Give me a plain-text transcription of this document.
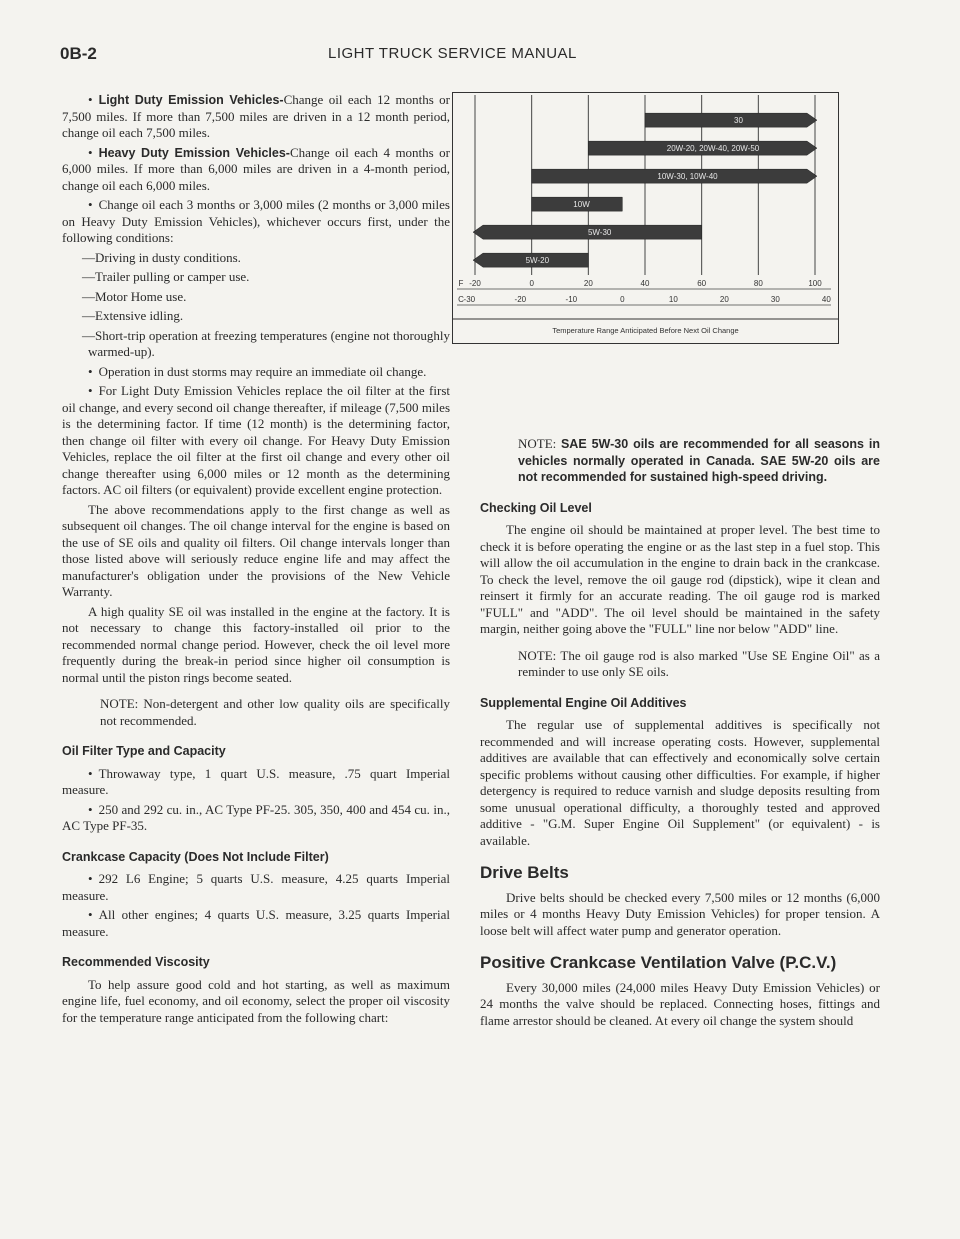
0B-2	LIGHT TRUCK SERVICE MANUAL

• Light Duty Emission Vehicles-Change oil each 12 months or 7,500 miles. If more than 7,500 miles are driven in a 12 month period, change oil each 7,500 miles.

• Heavy Duty Emission Vehicles-Change oil each 4 months or 6,000 miles. If more than 6,000 miles are driven in a 4-month period, change oil each 6,000 miles.

• Change oil each 3 months or 3,000 miles (2 months or 3,000 miles on Heavy Duty Emission Vehicles), whichever occurs first, under the following conditions:

—Driving in dusty conditions.

—Trailer pulling or camper use.

—Motor Home use.

—Extensive idling.

—Short-trip operation at freezing temperatures (engine not thoroughly warmed-up).

• Operation in dust storms may require an immediate oil change.

• For Light Duty Emission Vehicles replace the oil filter at the first oil change, and every second oil change thereafter, if mileage (7,500 miles is the determining factor. If time (12 month) is the determining factor, then change oil filter with every oil change. For Heavy Duty Emission Vehicles, replace the oil filter at the first oil change and every other oil change thereafter using 6,000 miles or 12 month as the determining factors. AC oil filters (or equivalent) provide excellent engine protection.

The above recommendations apply to the first change as well as subsequent oil changes. The oil change interval for the engine is based on the use of SE oils and quality oil filters. Oil change intervals longer than those listed above will seriously reduce engine life and may affect the manufacturer's obligation under the provisions of the New Vehicle Warranty.

A high quality SE oil was installed in the engine at the factory. It is not necessary to change this factory-installed oil prior to the recommended normal change period. However, check the oil level more frequently during the break-in period since higher oil consumption is normal until the piston rings become seated.

NOTE: Non-detergent and other low quality oils are specifically not recommended.

Oil Filter Type and Capacity

• Throwaway type, 1 quart U.S. measure, .75 quart Imperial measure.

• 250 and 292 cu. in., AC Type PF-25. 305, 350, 400 and 454 cu. in., AC Type PF-35.

Crankcase Capacity (Does Not Include Filter)

• 292 L6 Engine; 5 quarts U.S. measure, 4.25 quarts Imperial measure.

• All other engines; 4 quarts U.S. measure, 3.25 quarts Imperial measure.

Recommended Viscosity

To help assure good cold and hot starting, as well as maximum engine life, fuel economy, and oil economy, select the proper oil viscosity for the temperature range anticipated from the following chart:

30
20W-20, 20W-40, 20W-50
10W-30, 10W-40
10W
5W-30
5W-20
F -20	0	20	40	60	80	100
C -30	-20	-10	0	10	20	30	40
Temperature Range Anticipated Before Next Oil Change

NOTE: SAE 5W-30 oils are recommended for all seasons in vehicles normally operated in Canada. SAE 5W-20 oils are not recommended for sustained high-speed driving.

Checking Oil Level

The engine oil should be maintained at proper level. The best time to check it is before operating the engine or as the last step in a fuel stop. This will allow the oil accumulation in the engine to drain back in the crankcase. To check the level, remove the oil gauge rod (dipstick), wipe it clean and reinsert it firmly for an accurate reading. The oil gauge rod is marked "FULL" and "ADD". The oil level should be maintained in the safety margin, neither going above the "FULL" line nor below "ADD" line.

NOTE: The oil gauge rod is also marked "Use SE Engine Oil" as a reminder to use only SE oils.

Supplemental Engine Oil Additives

The regular use of supplemental additives is specifically not recommended and will increase operating costs. However, supplemental additives are available that can effectively and economically solve certain specific problems without causing other difficulties. For example, if higher detergency is required to reduce varnish and sludge deposits resulting from some unusual operational difficulty, a thoroughly tested and approved additive - "G.M. Super Engine Oil Supplement" (or equivalent) - is available.

Drive Belts

Drive belts should be checked every 7,500 miles or 12 months (6,000 miles or 4 months Heavy Duty Emission Vehicles) for proper tension. A loose belt will affect water pump and generator operation.

Positive Crankcase Ventilation Valve (P.C.V.)

Every 30,000 miles (24,000 miles Heavy Duty Emission Vehicles) or 24 months the valve should be replaced. Connecting hoses, fittings and flame arrestor should be cleaned. At every oil change the system should
